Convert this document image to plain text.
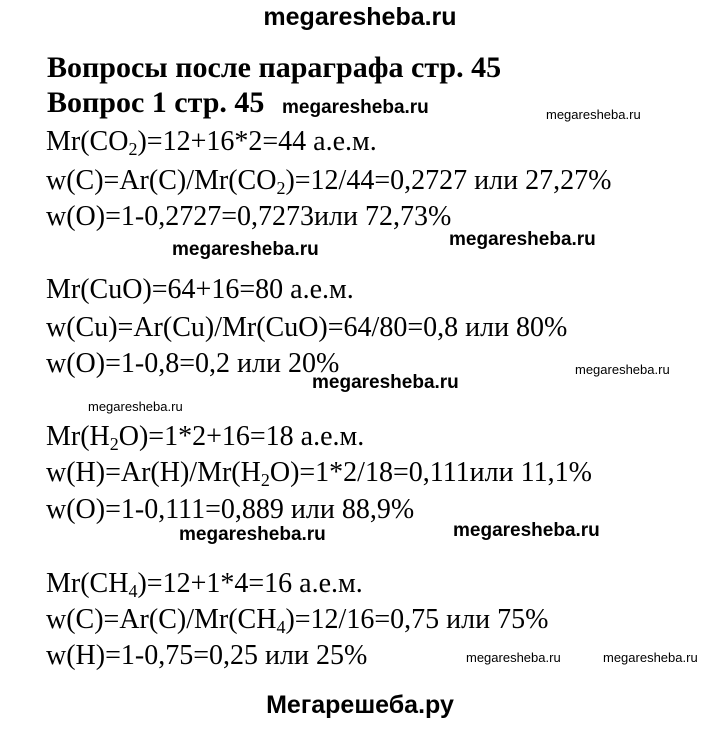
megaresheba.ru
Вопросы после параграфа стр. 45
Вопрос 1 стр. 45
$Mr(CO_2)=12+16*2=44$ а.е.м.
$w(C)=Ar(C)/Mr(CO_2)=12/44=0,2727$ или 27,27%
w(O)=1-0,2727=0,7273или 72,73%
Mr(CuO)=64+16=80 а.е.м.
w(Cu)=Ar(Cu)/Mr(CuO)=64/80=0,8 или 80%
w(O)=1-0,8=0,2 или 20%
$Mr(H_2O)=1*2+16=18$ а.е.м.
$w(H)=Ar(H)/Mr(H_2O)=1*2/18=0,111или$ 11,1%
w(O)=1-0,111=0,889 или 88,9%
$Mr(CH_4)=12+1*4=16$ а.е.м.
$w(C)=Ar(C)/Mr(CH_4)=12/16=0,75$ или 75%
w(H)=1-0,75=0,25 или 25%
megaresheba.ru	megaresheba.ru
megaresheba.ru	megaresheba.ru
megaresheba.ru
megaresheba.ru
megaresheba.ru
megaresheba.ru	megaresheba.ru
megaresheba.ru	megaresheba.ru
Мегарешеба.ру
